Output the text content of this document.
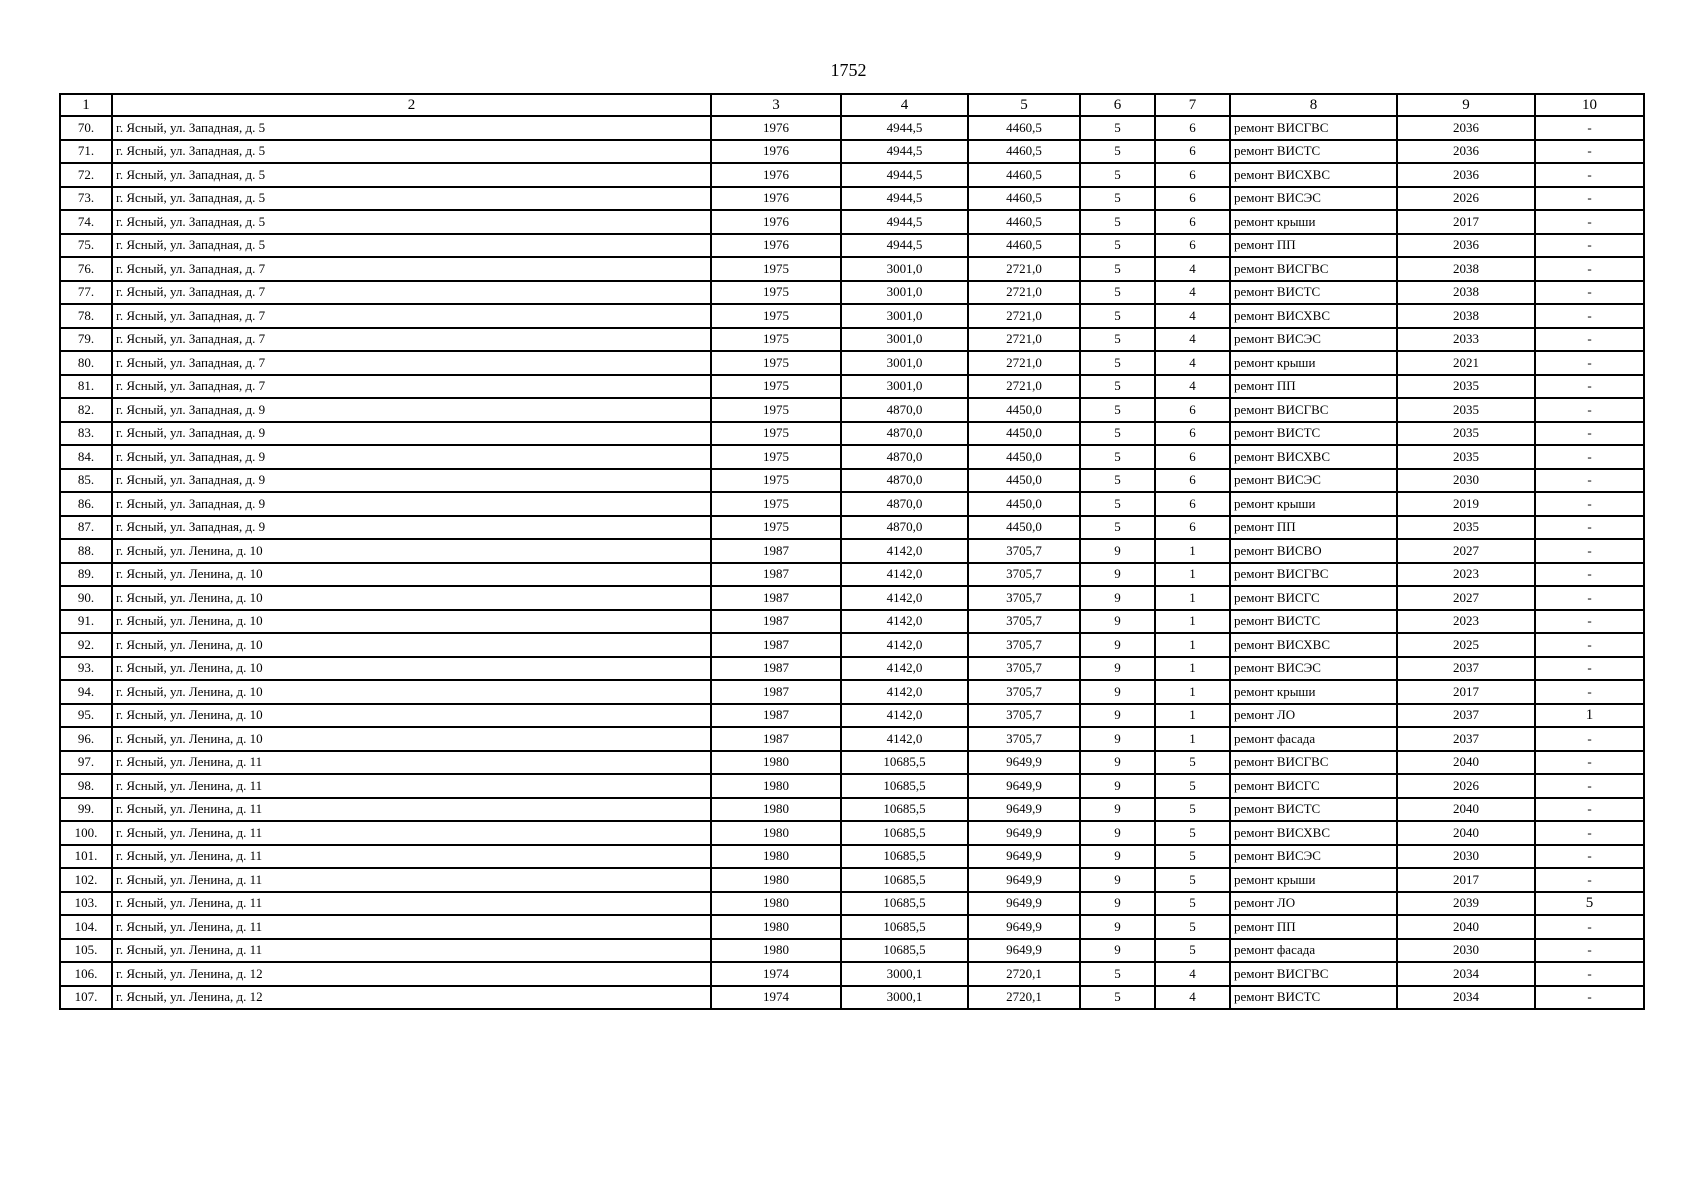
1752
1	2	3	4	5	6	7	8	9	10
70.	г. Ясный, ул. Западная, д. 5	1976	4944,5	4460,5	5	6	ремонт ВИСГВС	2036	-
71.	г. Ясный, ул. Западная, д. 5	1976	4944,5	4460,5	5	6	ремонт ВИСТС	2036	-
72.	г. Ясный, ул. Западная, д. 5	1976	4944,5	4460,5	5	6	ремонт ВИСХВС	2036	-
73.	г. Ясный, ул. Западная, д. 5	1976	4944,5	4460,5	5	6	ремонт ВИСЭС	2026	-
74.	г. Ясный, ул. Западная, д. 5	1976	4944,5	4460,5	5	6	ремонт крыши	2017	-
75.	г. Ясный, ул. Западная, д. 5	1976	4944,5	4460,5	5	6	ремонт ПП	2036	-
76.	г. Ясный, ул. Западная, д. 7	1975	3001,0	2721,0	5	4	ремонт ВИСГВС	2038	-
77.	г. Ясный, ул. Западная, д. 7	1975	3001,0	2721,0	5	4	ремонт ВИСТС	2038	-
78.	г. Ясный, ул. Западная, д. 7	1975	3001,0	2721,0	5	4	ремонт ВИСХВС	2038	-
79.	г. Ясный, ул. Западная, д. 7	1975	3001,0	2721,0	5	4	ремонт ВИСЭС	2033	-
80.	г. Ясный, ул. Западная, д. 7	1975	3001,0	2721,0	5	4	ремонт крыши	2021	-
81.	г. Ясный, ул. Западная, д. 7	1975	3001,0	2721,0	5	4	ремонт ПП	2035	-
82.	г. Ясный, ул. Западная, д. 9	1975	4870,0	4450,0	5	6	ремонт ВИСГВС	2035	-
83.	г. Ясный, ул. Западная, д. 9	1975	4870,0	4450,0	5	6	ремонт ВИСТС	2035	-
84.	г. Ясный, ул. Западная, д. 9	1975	4870,0	4450,0	5	6	ремонт ВИСХВС	2035	-
85.	г. Ясный, ул. Западная, д. 9	1975	4870,0	4450,0	5	6	ремонт ВИСЭС	2030	-
86.	г. Ясный, ул. Западная, д. 9	1975	4870,0	4450,0	5	6	ремонт крыши	2019	-
87.	г. Ясный, ул. Западная, д. 9	1975	4870,0	4450,0	5	6	ремонт ПП	2035	-
88.	г. Ясный, ул. Ленина, д. 10	1987	4142,0	3705,7	9	1	ремонт ВИСВО	2027	-
89.	г. Ясный, ул. Ленина, д. 10	1987	4142,0	3705,7	9	1	ремонт ВИСГВС	2023	-
90.	г. Ясный, ул. Ленина, д. 10	1987	4142,0	3705,7	9	1	ремонт ВИСГС	2027	-
91.	г. Ясный, ул. Ленина, д. 10	1987	4142,0	3705,7	9	1	ремонт ВИСТС	2023	-
92.	г. Ясный, ул. Ленина, д. 10	1987	4142,0	3705,7	9	1	ремонт ВИСХВС	2025	-
93.	г. Ясный, ул. Ленина, д. 10	1987	4142,0	3705,7	9	1	ремонт ВИСЭС	2037	-
94.	г. Ясный, ул. Ленина, д. 10	1987	4142,0	3705,7	9	1	ремонт крыши	2017	-
95.	г. Ясный, ул. Ленина, д. 10	1987	4142,0	3705,7	9	1	ремонт ЛО	2037	1
96.	г. Ясный, ул. Ленина, д. 10	1987	4142,0	3705,7	9	1	ремонт фасада	2037	-
97.	г. Ясный, ул. Ленина, д. 11	1980	10685,5	9649,9	9	5	ремонт ВИСГВС	2040	-
98.	г. Ясный, ул. Ленина, д. 11	1980	10685,5	9649,9	9	5	ремонт ВИСГС	2026	-
99.	г. Ясный, ул. Ленина, д. 11	1980	10685,5	9649,9	9	5	ремонт ВИСТС	2040	-
100.	г. Ясный, ул. Ленина, д. 11	1980	10685,5	9649,9	9	5	ремонт ВИСХВС	2040	-
101.	г. Ясный, ул. Ленина, д. 11	1980	10685,5	9649,9	9	5	ремонт ВИСЭС	2030	-
102.	г. Ясный, ул. Ленина, д. 11	1980	10685,5	9649,9	9	5	ремонт крыши	2017	-
103.	г. Ясный, ул. Ленина, д. 11	1980	10685,5	9649,9	9	5	ремонт ЛО	2039	5
104.	г. Ясный, ул. Ленина, д. 11	1980	10685,5	9649,9	9	5	ремонт ПП	2040	-
105.	г. Ясный, ул. Ленина, д. 11	1980	10685,5	9649,9	9	5	ремонт фасада	2030	-
106.	г. Ясный, ул. Ленина, д. 12	1974	3000,1	2720,1	5	4	ремонт ВИСГВС	2034	-
107.	г. Ясный, ул. Ленина, д. 12	1974	3000,1	2720,1	5	4	ремонт ВИСТС	2034	-
